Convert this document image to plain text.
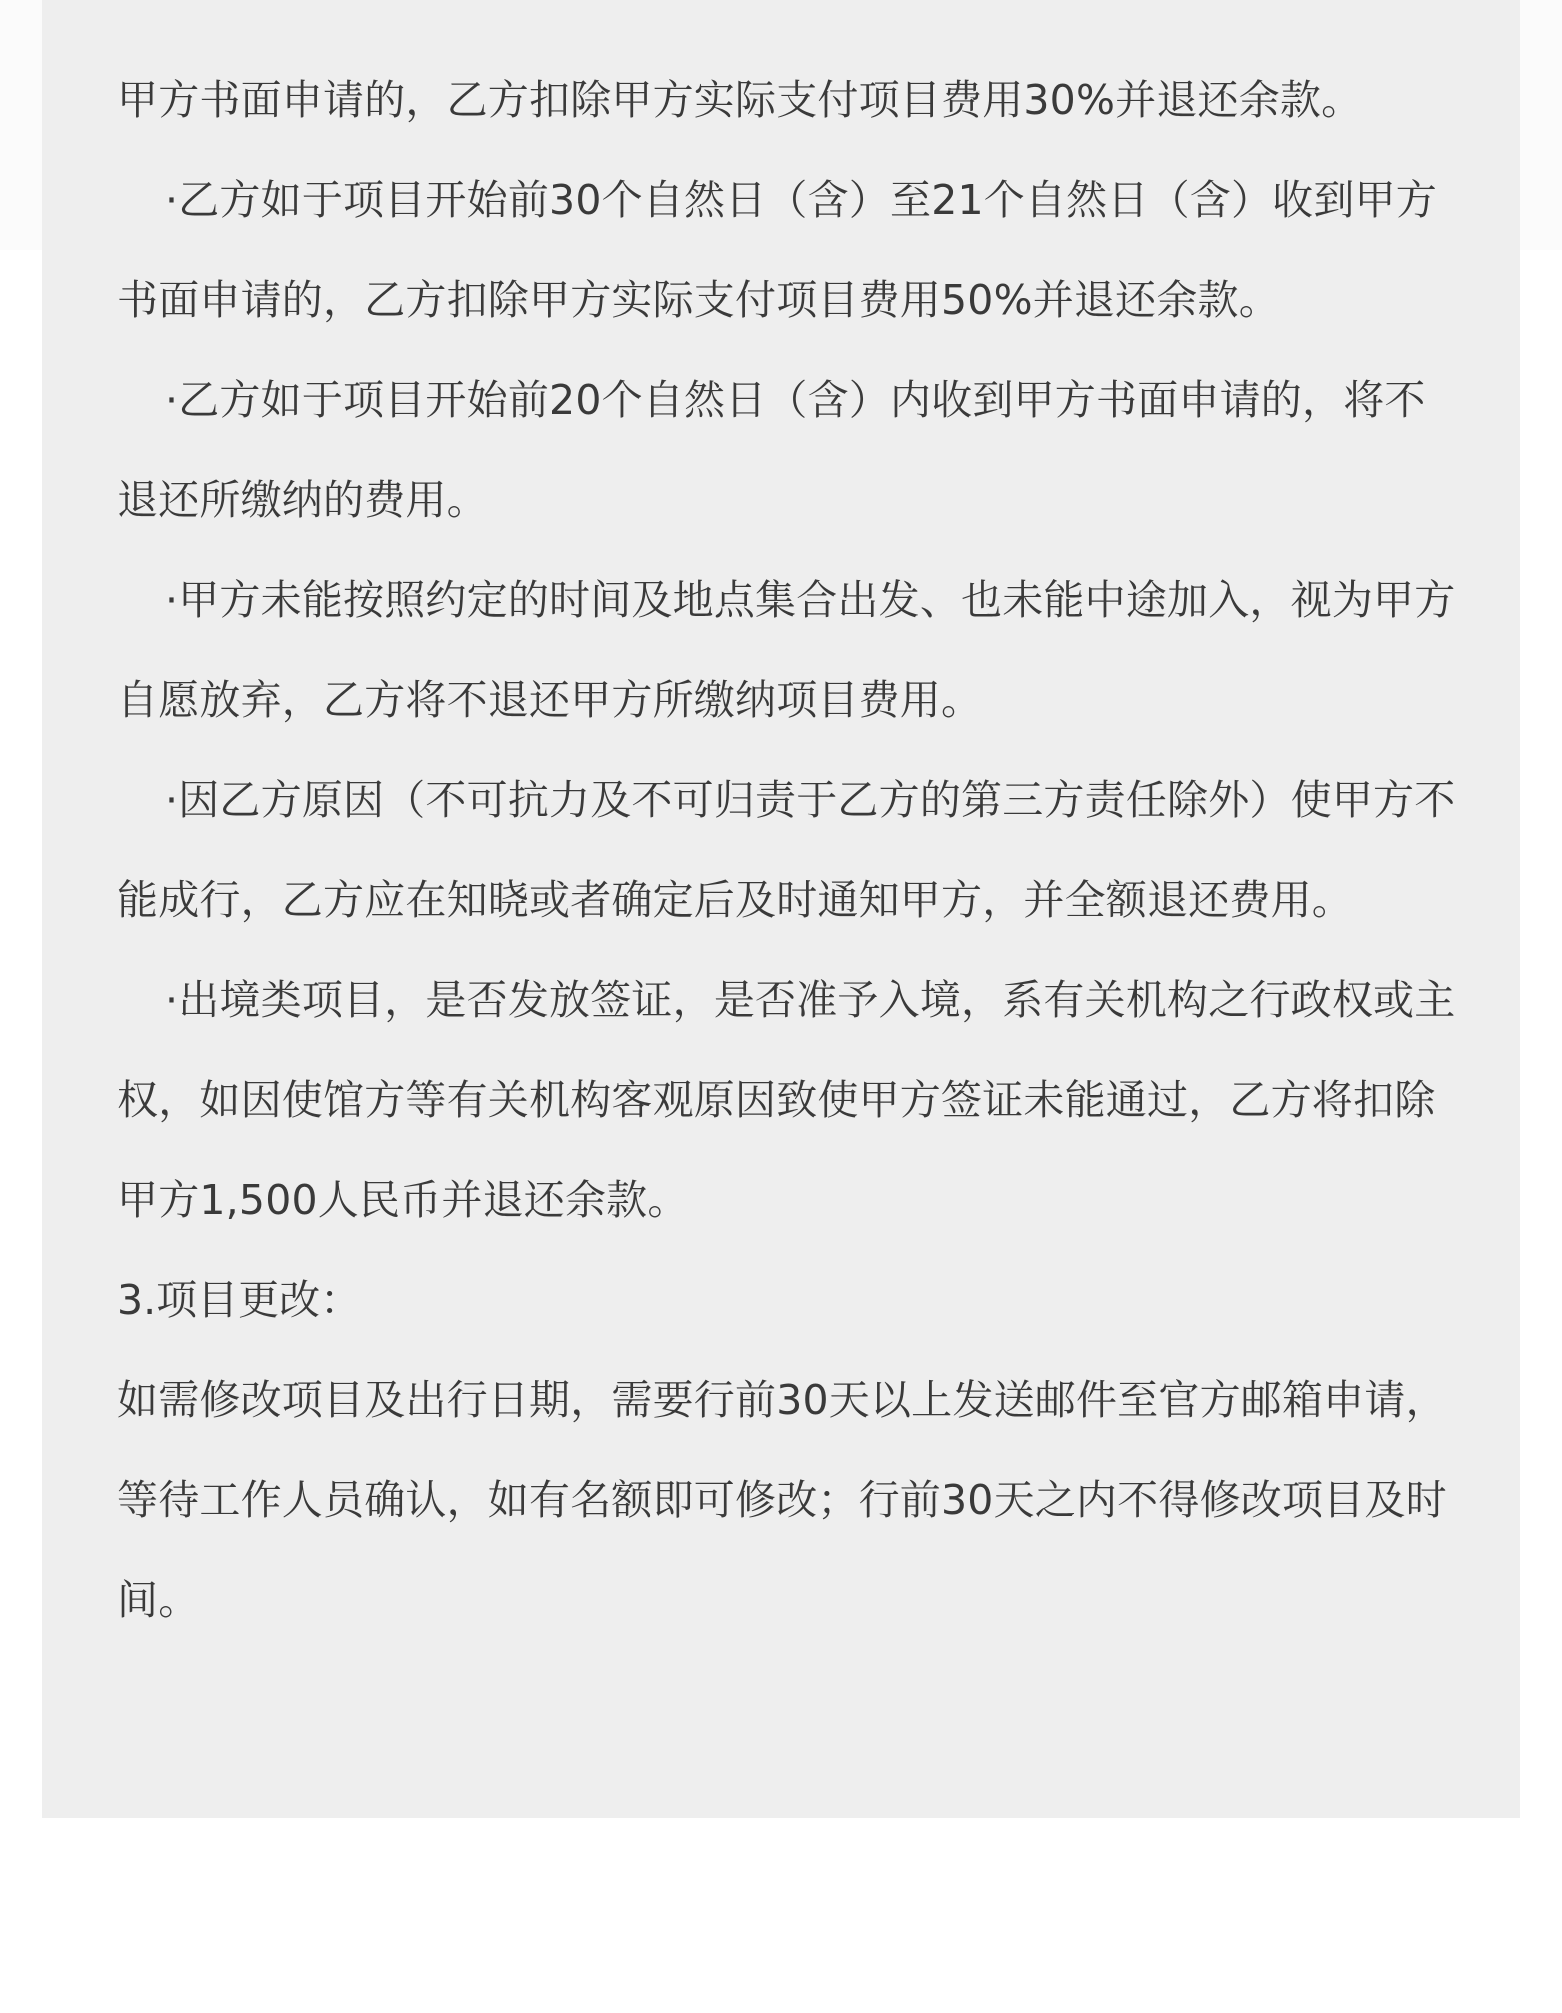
甲方书面申请的，乙方扣除甲方实际支付项目费用30%并退还余款。

·乙方如于项目开始前30个自然日（含）至21个自然日（含）收到甲方书面申请的，乙方扣除甲方实际支付项目费用50%并退还余款。

·乙方如于项目开始前20个自然日（含）内收到甲方书面申请的，将不退还所缴纳的费用。

·甲方未能按照约定的时间及地点集合出发、也未能中途加入，视为甲方自愿放弃，乙方将不退还甲方所缴纳项目费用。

·因乙方原因（不可抗力及不可归责于乙方的第三方责任除外）使甲方不能成行，乙方应在知晓或者确定后及时通知甲方，并全额退还费用。

·出境类项目，是否发放签证，是否准予入境，系有关机构之行政权或主权，如因使馆方等有关机构客观原因致使甲方签证未能通过，乙方将扣除甲方1,500人民币并退还余款。

3.项目更改：

如需修改项目及出行日期，需要行前30天以上发送邮件至官方邮箱申请，等待工作人员确认，如有名额即可修改；行前30天之内不得修改项目及时间。
